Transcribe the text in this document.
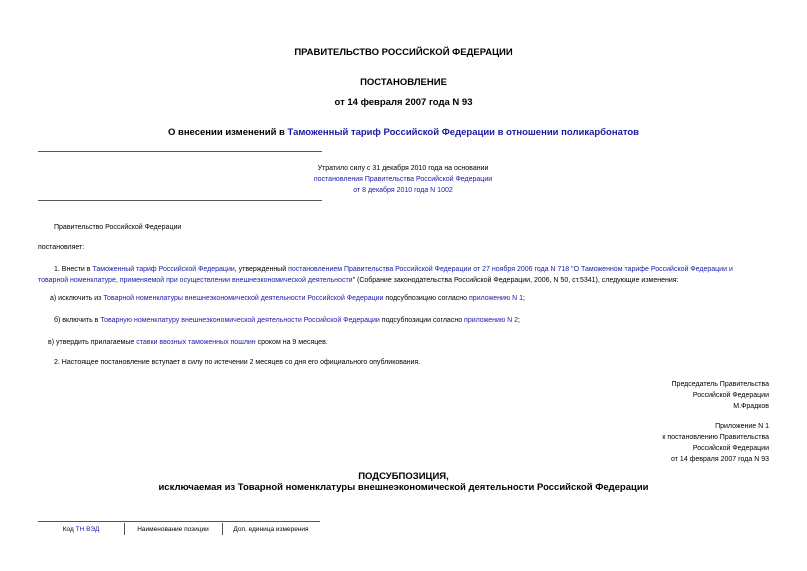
ПРАВИТЕЛЬСТВО РОССИЙСКОЙ ФЕДЕРАЦИИ
ПОСТАНОВЛЕНИЕ
от 14 февраля 2007 года N 93
О внесении изменений в Таможенный тариф Российской Федерации в отношении поликарбонатов
Утратило силу с 31 декабря 2010 года на основании
постановления Правительства Российской Федерации
от 8 декабря 2010 года N 1002
Правительство Российской Федерации
постановляет:
1. Внести в Таможенный тариф Российской Федерации, утвержденный постановлением Правительства Российской Федерации от 27 ноября 2006 года N 718 "О Таможенном тарифе Российской Федерации и
товарной номенклатуре, применяемой при осуществлении внешнеэкономической деятельности" (Собрание законодательства Российской Федерации, 2006, N 50, ст.5341), следующие изменения:
а) исключить из Товарной номенклатуры внешнеэкономической деятельности Российской Федерации подсубпозицию согласно приложению N 1;
б) включить в Товарную номенклатуру внешнеэкономической деятельности Российской Федерации подсубпозиции согласно приложению N 2;
в) утвердить прилагаемые ставки ввозных таможенных пошлин сроком на 9 месяцев.
2. Настоящее постановление вступает в силу по истечении 2 месяцев со дня его официального опубликования.
Председатель Правительства
Российской Федерации
М.Фрадков
Приложение N 1
к постановлению Правительства
Российской Федерации
от 14 февраля 2007 года N 93
ПОДСУБПОЗИЦИЯ,
исключаемая из Товарной номенклатуры внешнеэкономической деятельности Российской Федерации
Код ТН ВЭД	Наименование позиции	Доп. единица измерения
